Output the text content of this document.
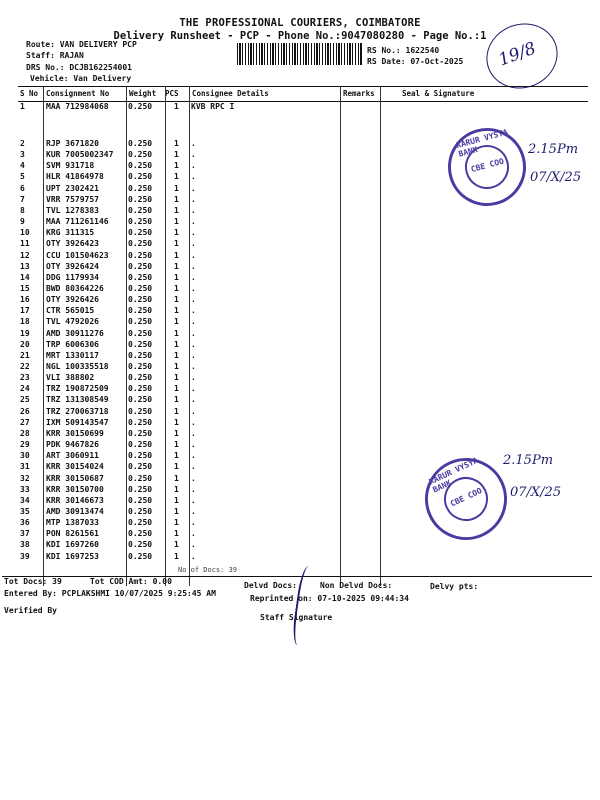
THE PROFESSIONAL COURIERS, COIMBATORE
Delivery Runsheet - PCP - Phone No.:9047080280 - Page No.:1
Route: VAN DELIVERY PCP
Staff: RAJAN
DRS No.: DCJB162254001
Vehicle: Van Delivery
RS No.: 1622540
RS Date: 07-Oct-2025 19/8
S No Consignment No	Weight PCS Consignee Details	Remarks	Seal & Signature
1	MAA 712984068 0.250	1 KVB RPC I
2	RJP 3671820	0.250	1 .
3	KUR 7005002347 0.250	1 .
4	SVM 931718	0.250	1 .
5	HLR 41864978	0.250	1 .
6	UPT 2302421	0.250	1 .
7	VRR 7579757	0.250	1 .
8	TVL 1278383	0.250	1 .
9	MAA 711261146 0.250	1 .
10 KRG 311315	0.250	1 .
11 OTY 3926423	0.250	1 .
12 CCU 101504623 0.250	1 .
13 OTY 3926424	0.250	1 .
14 DDG 1179934	0.250	1 .
15 BWD 80364226	0.250	1 .
16 OTY 3926426	0.250	1 .
17 CTR 565015	0.250	1 .
18 TVL 4792026	0.250	1 .
19 AMD 30911276	0.250	1 .
20 TRP 6006306	0.250	1 .
21 MRT 1330117	0.250	1 .
22 NGL 100335518 0.250	1 .
23 VLI 388802	0.250	1 .
24 TRZ 190872509 0.250	1 .
25 TRZ 131308549 0.250	1 .
26 TRZ 270063718 0.250	1 .
27 IXM 509143547 0.250	1 .
28 KRR 30150699	0.250	1 .
29 PDK 9467826	0.250	1 .
30 ART 3060911	0.250	1 .
31 KRR 30154024	0.250	1 .
32 KRR 30150687	0.250	1 .
33 KRR 30150700	0.250	1 .
34 KRR 30146673	0.250	1 .
35 AMD 30913474	0.250	1 .
36 MTP 1387033	0.250	1 .
37 PON 8261561	0.250	1 .
38 KDI 1697260	0.250	1 .
39 KDI 1697253	0.250	1 .
No of Docs: 39
KARUR VYSYA BANK
CBE COO
KARUR VYSYA BANK
CBE COO
2.15Pm
07/X/25
2.15Pm
07/X/25
Tot Docs: 39	Tot COD Amt: 0.00	Delvd Docs:	Non Delvd Docs:	Delvy pts:
Entered By: PCPLAKSHMI 10/07/2025 9:25:45 AM
Reprinted on: 07-10-2025 09:44:34
Verified By
Staff Signature
